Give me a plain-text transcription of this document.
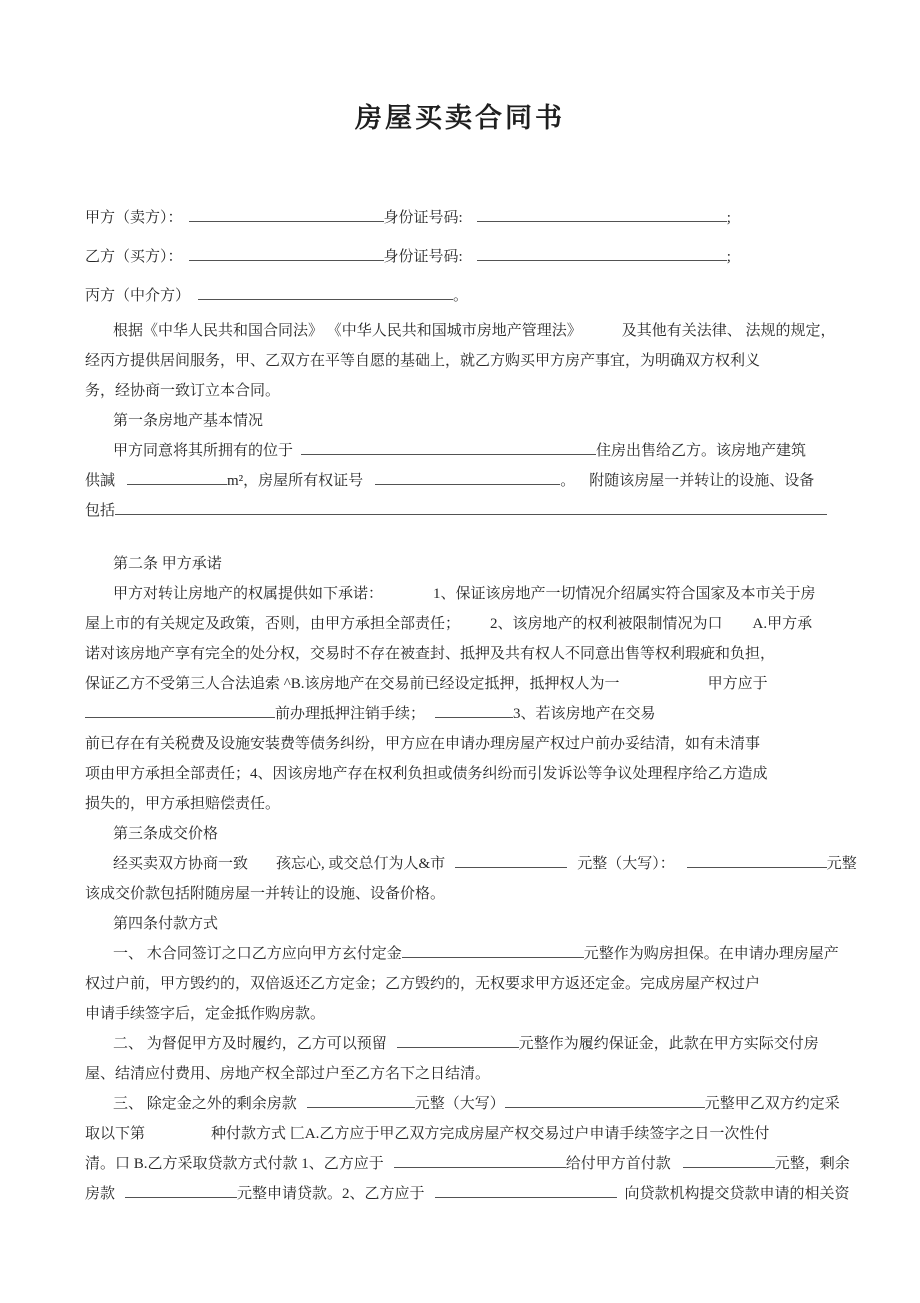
房屋买卖合同书
甲方（卖方）：	身份证号码:	;
乙方（买方）：	身份证号码:	;
丙方（中介方）	。
根据《中华人民共和国合同法》 《中华人民共和国城市房地产管理法》	及其他有关法律、 法规的规定，
经丙方提供居间服务，甲、乙双方在平等自愿的基础上，就乙方购买甲方房产事宜，为明确双方权利义
务，经协商一致订立本合同。
第一条房地产基本情况
甲方同意将其所拥有的位于	住房出售给乙方。该房地产建筑
供諴	m²，房屋所有权证号	。 附随该房屋一并转让的设施、设备
包括
第二条 甲方承诺
甲方对转让房地产的权属提供如下承诺：	1、保证该房地产一切情况介绍属实符合国家及本市关于房
屋上市的有关规定及政策，否则，由甲方承担全部责任； 2、该房地产的权利被限制情况为口 A.甲方承
诺对该房地产享有完全的处分权，交易时不存在被查封、抵押及共有权人不同意出售等权利瑕疵和负担，
保证乙方不受第三人合法追索 ^B.该房地产在交易前已经设定抵押，抵押权人为一	甲方应于
前办理抵押注销手续；	3、若该房地产在交易
前已存在有关税费及设施安装费等债务纠纷，甲方应在申请办理房屋产权过户前办妥结清，如有未清事
项由甲方承担全部责任；4、因该房地产存在权利负担或债务纠纷而引发诉讼等争议处理程序给乙方造成
损失的，甲方承担赔偿责任。
第三条成交价格
经买卖双方协商一致 孩忘心, 或交总仃为人&市	元整（大写）：	元整
该成交价款包括附随房屋一并转让的设施、设备价格。
第四条付款方式
一、 木合同签订之口乙方应向甲方玄付定金	元整作为购房担保。在申请办理房屋产
权过户前，甲方毁约的，双倍返还乙方定金；乙方毁约的，无权要求甲方返还定金。完成房屋产权过户
申请手续签字后，定金抵作购房款。
二、 为督促甲方及时履约，乙方可以预留	元整作为履约保证金，此款在甲方实际交付房
屋、结清应付费用、房地产权全部过户至乙方名下之日结清。
三、 除定金之外的剩余房款	元整（大写）	元整甲乙双方约定采
取以下第	种付款方式 匚A.乙方应于甲乙双方完成房屋产权交易过户申请手续签字之日一次性付
清。口 B.乙方采取贷款方式付款 1、乙方应于	给付甲方首付款	元整，剩余
房款	元整申请贷款。2、乙方应于	向贷款机构提交贷款申请的相关资
